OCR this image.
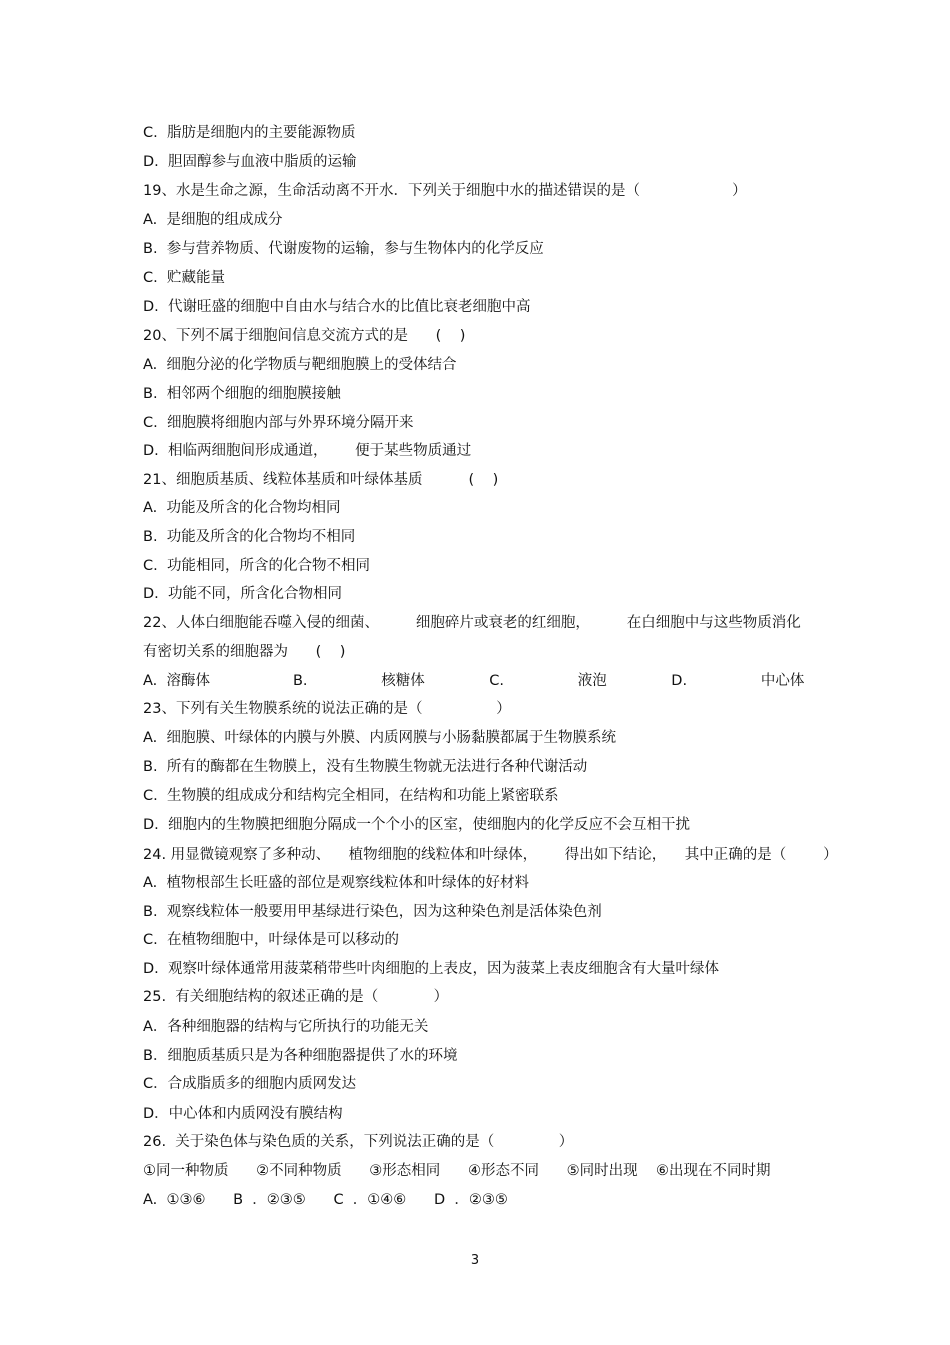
C.  脂肪是细胞内的主要能源物质
D.  胆固醇参与血液中脂质的运输
19、水是生命之源，生命活动离不开水．下列关于细胞中水的描述错误的是（                    ）
A.  是细胞的组成成分
B.  参与营养物质、代谢废物的运输，参与生物体内的化学反应
C.  贮藏能量
D.  代谢旺盛的细胞中自由水与结合水的比值比衰老细胞中高
20、下列不属于细胞间信息交流方式的是      (    )
A.  细胞分泌的化学物质与靶细胞膜上的受体结合
B.  相邻两个细胞的细胞膜接触
C.  细胞膜将细胞内部与外界环境分隔开来
D.  相临两细胞间形成通道，      便于某些物质通过
21、细胞质基质、线粒体基质和叶绿体基质          (    )
A.  功能及所含的化合物均相同
B.  功能及所含的化合物均不相同
C.  功能相同，所含的化合物不相同
D.  功能不同，所含化合物相同
22、人体白细胞能吞噬入侵的细菌、        细胞碎片或衰老的红细胞，        在白细胞中与这些物质消化
有密切关系的细胞器为      (    )
A.  溶酶体                  B.                核糖体              C.                液泡              D.                中心体
23、下列有关生物膜系统的说法正确的是（                ）
A.  细胞膜、叶绿体的内膜与外膜、内质网膜与小肠黏膜都属于生物膜系统
B.  所有的酶都在生物膜上，没有生物膜生物就无法进行各种代谢活动
C.  生物膜的组成成分和结构完全相同，在结构和功能上紧密联系
D.  细胞内的生物膜把细胞分隔成一个个小的区室，使细胞内的化学反应不会互相干扰
24. 用显微镜观察了多种动、    植物细胞的线粒体和叶绿体，      得出如下结论，    其中正确的是（        ）
A.  植物根部生长旺盛的部位是观察线粒体和叶绿体的好材料
B.  观察线粒体一般要用甲基绿进行染色，因为这种染色剂是活体染色剂
C.  在植物细胞中，叶绿体是可以移动的
D.  观察叶绿体通常用菠菜稍带些叶肉细胞的上表皮，因为菠菜上表皮细胞含有大量叶绿体
25.  有关细胞结构的叙述正确的是（            ）
A．各种细胞器的结构与它所执行的功能无关
B．细胞质基质只是为各种细胞器提供了水的环境
C．合成脂质多的细胞内质网发达
D．中心体和内质网没有膜结构
26.  关于染色体与染色质的关系，下列说法正确的是（              ）
①同一种物质      ②不同种物质      ③形态相同      ④形态不同      ⑤同时出现    ⑥出现在不同时期
A.  ①③⑥      B  ．②③⑤      C  ．①④⑥      D  ．②③⑤
3
